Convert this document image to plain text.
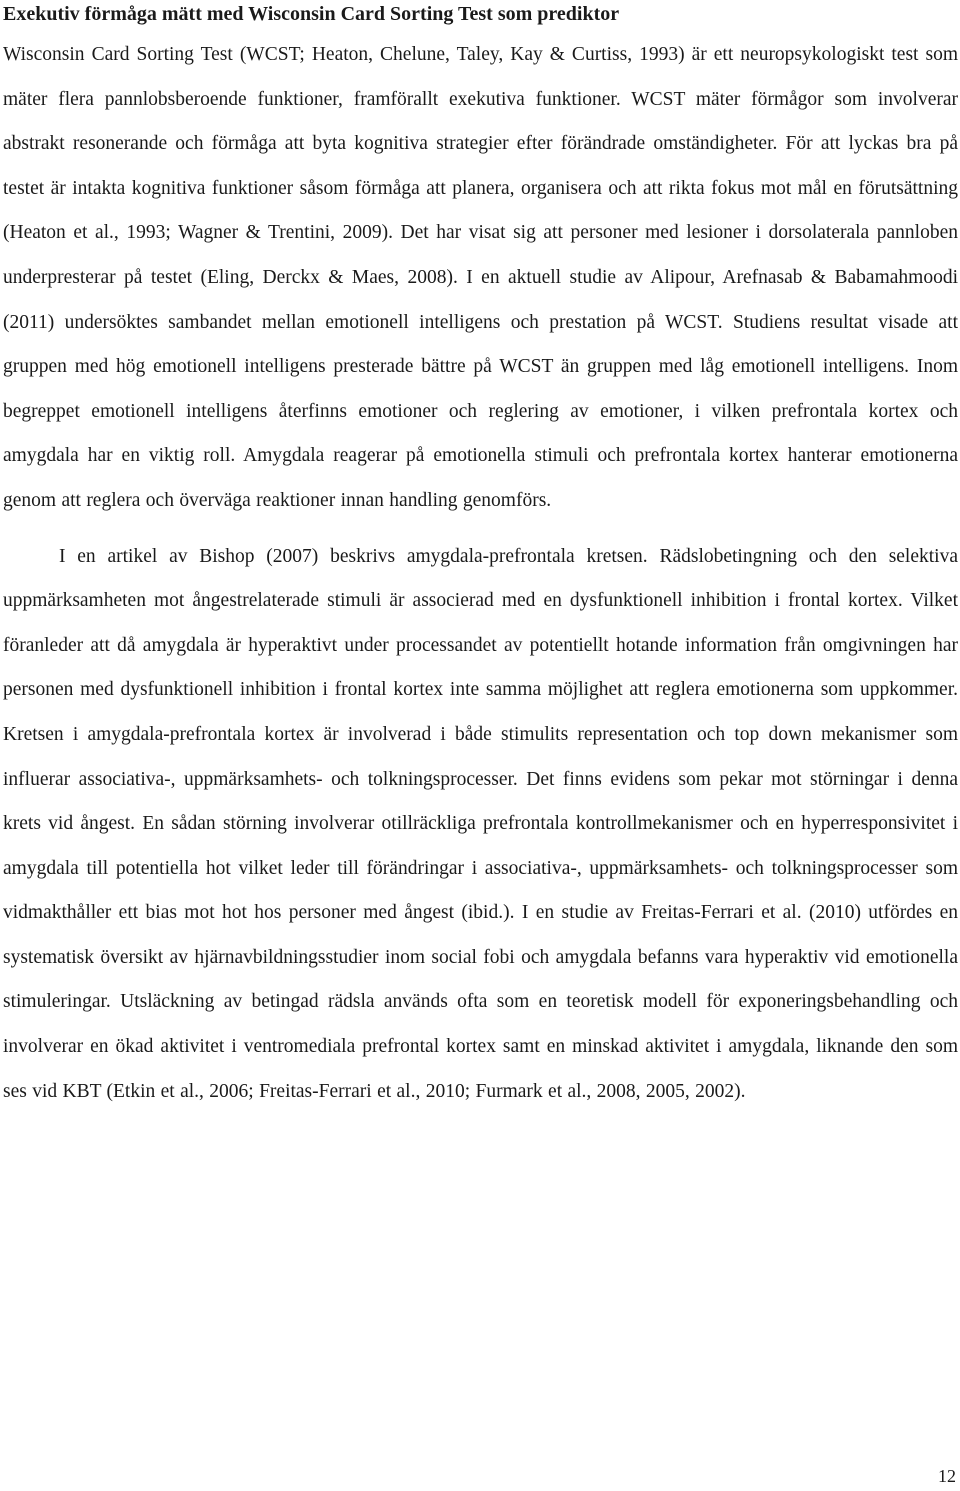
Exekutiv förmåga mätt med Wisconsin Card Sorting Test som prediktor

Wisconsin Card Sorting Test (WCST; Heaton, Chelune, Taley, Kay & Curtiss, 1993) är ett neuropsykologiskt test som mäter flera pannlobsberoende funktioner, framförallt exekutiva funktioner. WCST mäter förmågor som involverar abstrakt resonerande och förmåga att byta kognitiva strategier efter förändrade omständigheter. För att lyckas bra på testet är intakta kognitiva funktioner såsom förmåga att planera, organisera och att rikta fokus mot mål en förutsättning (Heaton et al., 1993; Wagner & Trentini, 2009). Det har visat sig att personer med lesioner i dorsolaterala pannloben underpresterar på testet (Eling, Derckx & Maes, 2008). I en aktuell studie av Alipour, Arefnasab & Babamahmoodi (2011) undersöktes sambandet mellan emotionell intelligens och prestation på WCST. Studiens resultat visade att gruppen med hög emotionell intelligens presterade bättre på WCST än gruppen med låg emotionell intelligens. Inom begreppet emotionell intelligens återfinns emotioner och reglering av emotioner, i vilken prefrontala kortex och amygdala har en viktig roll. Amygdala reagerar på emotionella stimuli och prefrontala kortex hanterar emotionerna genom att reglera och överväga reaktioner innan handling genomförs.

I en artikel av Bishop (2007) beskrivs amygdala-prefrontala kretsen. Rädslobetingning och den selektiva uppmärksamheten mot ångestrelaterade stimuli är associerad med en dysfunktionell inhibition i frontal kortex. Vilket föranleder att då amygdala är hyperaktivt under processandet av potentiellt hotande information från omgivningen har personen med dysfunktionell inhibition i frontal kortex inte samma möjlighet att reglera emotionerna som uppkommer. Kretsen i amygdala-prefrontala kortex är involverad i både stimulits representation och top down mekanismer som influerar associativa-, uppmärksamhets- och tolkningsprocesser. Det finns evidens som pekar mot störningar i denna krets vid ångest. En sådan störning involverar otillräckliga prefrontala kontrollmekanismer och en hyperresponsivitet i amygdala till potentiella hot vilket leder till förändringar i associativa-, uppmärksamhets- och tolkningsprocesser som vidmakthåller ett bias mot hot hos personer med ångest (ibid.). I en studie av Freitas-Ferrari et al. (2010) utfördes en systematisk översikt av hjärnavbildningsstudier inom social fobi och amygdala befanns vara hyperaktiv vid emotionella stimuleringar. Utsläckning av betingad rädsla används ofta som en teoretisk modell för exponeringsbehandling och involverar en ökad aktivitet i ventromediala prefrontal kortex samt en minskad aktivitet i amygdala, liknande den som ses vid KBT (Etkin et al., 2006; Freitas-Ferrari et al., 2010; Furmark et al., 2008, 2005, 2002).

12
